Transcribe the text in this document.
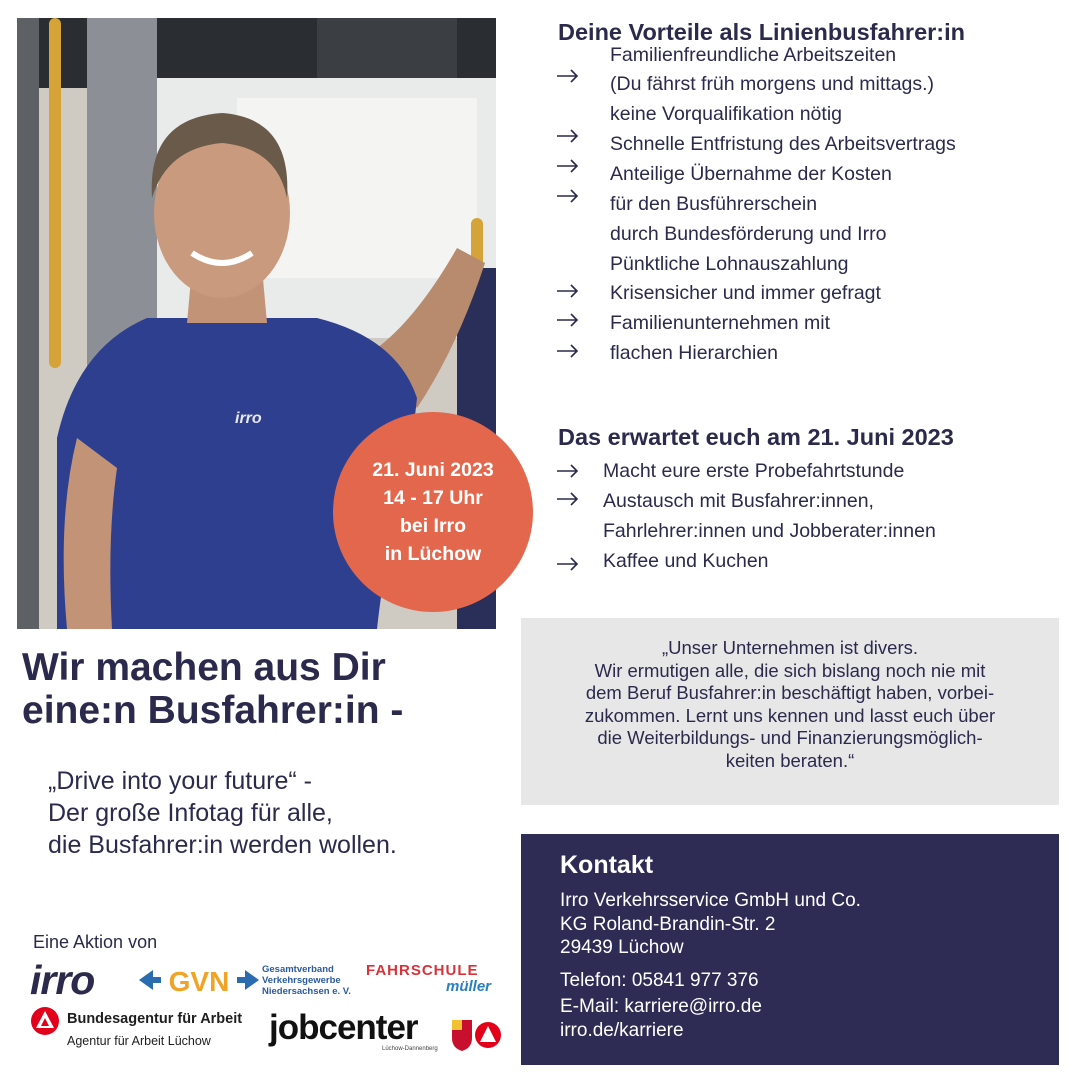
irro
21. Juni 2023
14 - 17 Uhr
bei Irro
in Lüchow
Wir machen aus Dir
eine:n Busfahrer:in -
„Drive into your future“ -
Der große Infotag für alle,
die Busfahrer:in werden wollen.
Eine Aktion von
irro	GVN	Gesamtverband
Verkehrsgewerbe
Niedersachsen e. V.
FAHRSCHULE
müller
Bundesagentur für Arbeit
Agentur für Arbeit Lüchow jobcenter
Lüchow-Dannenberg
Deine Vorteile als Linienbusfahrer:in
Familienfreundliche Arbeitszeiten
(Du fährst früh morgens und mittags.)
keine Vorqualifikation nötig
Schnelle Entfristung des Arbeitsvertrags
Anteilige Übernahme der Kosten
für den Busführerschein
durch Bundesförderung und Irro
Pünktliche Lohnauszahlung
Krisensicher und immer gefragt
Familienunternehmen mit
flachen Hierarchien
Das erwartet euch am 21. Juni 2023
Macht eure erste Probefahrtstunde
Austausch mit Busfahrer:innen,
Fahrlehrer:innen und Jobberater:innen
Kaffee und Kuchen
„Unser Unternehmen ist divers.
Wir ermutigen alle, die sich bislang noch nie mit
dem Beruf Busfahrer:in beschäftigt haben, vorbei-
zukommen. Lernt uns kennen und lasst euch über
die Weiterbildungs- und Finanzierungsmöglich-
keiten beraten.“
Kontakt
Irro Verkehrsservice GmbH und Co.
KG Roland-Brandin-Str. 2
29439 Lüchow
Telefon: 05841 977 376
E-Mail: karriere@irro.de
irro.de/karriere
